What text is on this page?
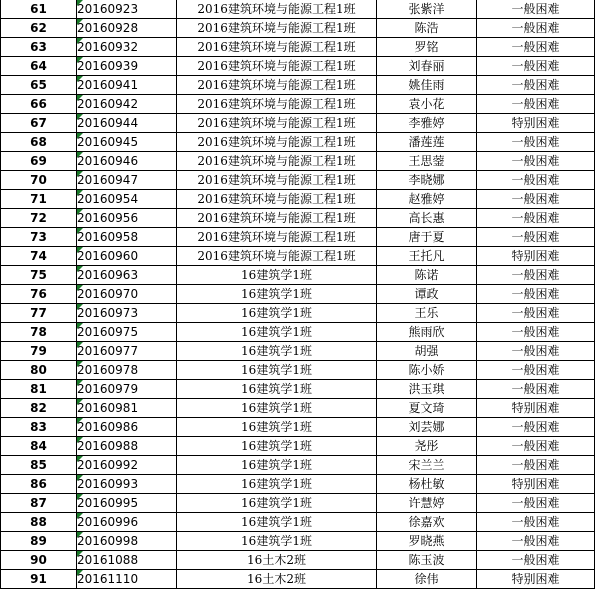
61	20160923	2016建筑环境与能源工程1班	张紫洋	一般困难
62	20160928	2016建筑环境与能源工程1班	陈浩	一般困难
63	20160932	2016建筑环境与能源工程1班	罗铭	一般困难
64	20160939	2016建筑环境与能源工程1班	刘春丽	一般困难
65	20160941	2016建筑环境与能源工程1班	姚佳雨	一般困难
66	20160942	2016建筑环境与能源工程1班	袁小花	一般困难
67	20160944	2016建筑环境与能源工程1班	李雅婷	特别困难
68	20160945	2016建筑环境与能源工程1班	潘莲莲	一般困难
69	20160946	2016建筑环境与能源工程1班	王思蓥	一般困难
70	20160947	2016建筑环境与能源工程1班	李晓娜	一般困难
71	20160954	2016建筑环境与能源工程1班	赵雅婷	一般困难
72	20160956	2016建筑环境与能源工程1班	高长惠	一般困难
73	20160958	2016建筑环境与能源工程1班	唐于夏	一般困难
74	20160960	2016建筑环境与能源工程1班	王托凡	特别困难
75	20160963	16建筑学1班	陈诺	一般困难
76	20160970	16建筑学1班	谭政	一般困难
77	20160973	16建筑学1班	王乐	一般困难
78	20160975	16建筑学1班	熊雨欣	一般困难
79	20160977	16建筑学1班	胡强	一般困难
80	20160978	16建筑学1班	陈小娇	一般困难
81	20160979	16建筑学1班	洪玉琪	一般困难
82	20160981	16建筑学1班	夏文琦	特别困难
83	20160986	16建筑学1班	刘芸娜	一般困难
84	20160988	16建筑学1班	尧彤	一般困难
85	20160992	16建筑学1班	宋兰兰	一般困难
86	20160993	16建筑学1班	杨杜敏	特别困难
87	20160995	16建筑学1班	许慧婷	一般困难
88	20160996	16建筑学1班	徐嘉欢	一般困难
89	20160998	16建筑学1班	罗晓燕	一般困难
90	20161088	16土木2班	陈玉波	一般困难
91	20161110	16土木2班	徐伟	特别困难
